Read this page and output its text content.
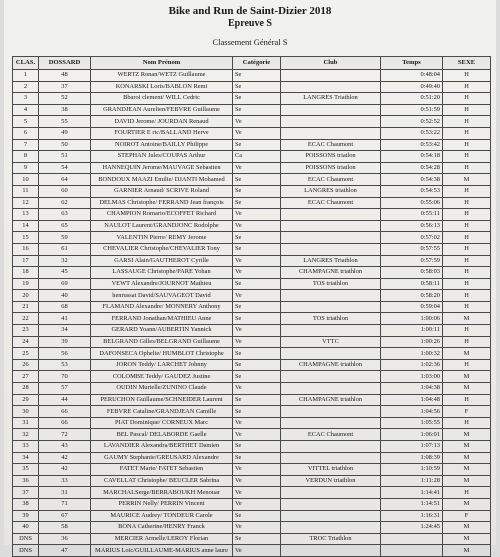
Bike and Run de Saint-Dizier 2018
Epreuve S
Classement Général S
CLAS.	DOSSARD	Nom Prénom	Catégorie	Club	Temps	SEXE
1	48	WERTZ Ronan/WETZ Guillaume	Se		0:48:04	H
2	37	KONARSKI Loris/BABLON Remi	Se		0:49:40	H
3	52	Bbaroi clement/ WILL Cedric	Se	LANGRES Triathlon	0:51:20	H
4	38	GRANDJEAN Aurelien/FEBVRE Guillaume	Se		0:51:59	H
5	55	DAVID Jerome/ JOURDAN Renaud	Ve		0:52:52	H
6	49	FOURTIER E ric/BALLAND Herve	Ve		0:53:22	H
7	50	NOIROT Antoine/BAILLY Philippe	Se	ECAC Chaumont	0:53:42	H
8	51	STEPHAN Jules/COUPAS Arthur	Ca	POISSONS triatlon	0:54:18	H
9	54	HANNEQUIN Jerome/MAUVAGE Sebastien	Ve	POISSONS triatlon	0:54:28	H
10	64	BONDOUX MAAZI Emilie/ DJANTI Mohamed	Se	ECAC Chaumont	0:54:38	M
11	60	GARNIER Arnaud/ SCRIVE Roland	Se	LANGRES triathlon	0:54:53	H
12	62	DELMAS Christophe/ FERRAND Jean françois	Se	ECAC Chaumont	0:55:06	H
13	63	CHAMPION Romario/ECOFFET Richard	Ve		0:55:11	H
14	65	NAULOT Laurent/GRANDJONC Rodolphe	Ve		0:56:13	H
15	59	VALENTIN Pierre/ REMY Jerome	Se		0:57:02	H
16	61	CHEVALIER Christophe/CHEVALIER Tony	Se		0:57:55	H
17	32	GARSI Alain/GAUTHEROT Cyrille	Ve	LANGRES Triathlon	0:57:59	H
18	45	LASSAUGE Christophe/PARE Yohan	Ve	CHAMPAGNE triathlon	0:58:03	H
19	69	VEWT Alexandre/JOURNOT Mathieu	Se	TOS triathlon	0:58:11	H
20	40	henrussat David/SAUVAGEOT David	Ve		0:58:20	H
21	68	FLAMAND Alexandre/ MONNERY Anthony	Se		0:59:04	H
22	41	FERRAND Jonathan/MATHIEU Anne	Se	TOS triathlon	1:00:06	M
23	34	GERARD Yoann/AUBERTIN Yannick	Ve		1:00:11	H
24	39	BELGRAND Gilles/BELGRAND Guillaume	Ve	VTTC	1:00:26	H
25	56	DAFONSECA Ophelie/ HUMBLOT Christophe	Se		1:00:32	M
26	53	JORON Teddy/ LARCHET Johnny	Se	CHAMPAGNE triathlon	1:02:36	H
27	70	COLOMBE Teddy/ GAUDEZ Justine	Se		1:03:00	M
28	57	OUDIN Murielle/ZUNINO Claude	Ve		1:04:38	M
29	44	PERUCHON Guillaume/SCHNEIDER Laurent	Se	CHAMPAGNE triathlon	1:04:48	H
30	66	FEBVRE Cataline/GRANDJEAN Camille	Se		1:04:56	F
31	66	PIAT Dominique/ CORNEUX Marc	Ve		1:05:55	H
32	72	BEL Pascal/ DELABORDE Gaelle	Ve	ECAC Chaumont	1:06:01	M
33	43	LAVANDIER Alexandra/BERTHET Damien	Se		1:07:13	M
34	42	GAUMY Stephanie/GREUSARD Alexandre	Se		1:08:39	M
35	42	FATET Marie/ FATET Sebastien	Ve	VITTEL triathlon	1:10:59	M
36	33	CAVELLAT Christophe/ BEUCLER Sabrina	Ve	VERDUN triathlon	1:11:28	M
37	31	MARCHALSerge/BERRABOUKH Menouar	Ve		1:14:41	H
38	71	PERRIN Nelly/ PERRIN Vincent	Ve		1:14:51	M
39	67	MAURICE Audrey/ TONDEUR Carole	Se		1:16:31	F
40	58	BONA Catherine/HENRY Franck	Ve		1:24:45	M
DNS	36	MERCIER Armelle/LEROY Florian	Se	TROC Triathlon		M
DNS	47	MARIUS Loic/GUILLAUME-MARIUS anne laure	Ve			M
